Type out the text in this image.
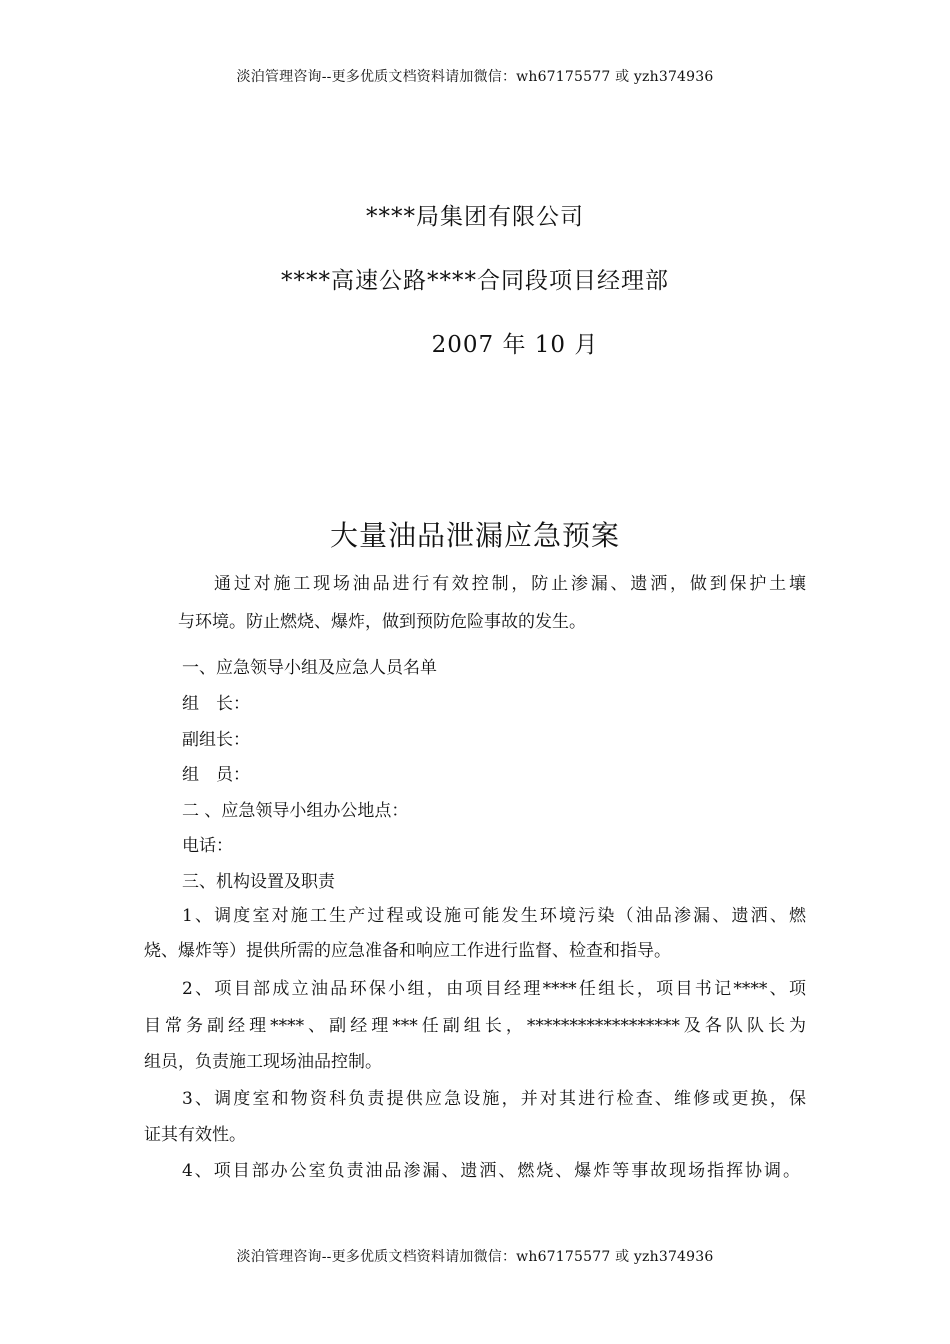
淡泊管理咨询--更多优质文档资料请加微信：wh67175577 或 yzh374936
****局集团有限公司
****高速公路****合同段项目经理部
2007 年 10 月
大量油品泄漏应急预案
通过对施工现场油品进行有效控制，防止渗漏、遗洒，做到保护土壤
与环境。防止燃烧、爆炸，做到预防危险事故的发生。
一、应急领导小组及应急人员名单
组　长：
副组长：
组　员：
二 、应急领导小组办公地点：
电话：
三、机构设置及职责
1、调度室对施工生产过程或设施可能发生环境污染（油品渗漏、遗洒、燃
烧、爆炸等）提供所需的应急准备和响应工作进行监督、检查和指导。
2、项目部成立油品环保小组，由项目经理****任组长，项目书记****、项
目常务副经理****、副经理***任副组长，******************及各队队长为
组员，负责施工现场油品控制。
3、调度室和物资科负责提供应急设施，并对其进行检查、维修或更换，保
证其有效性。
4、项目部办公室负责油品渗漏、遗洒、燃烧、爆炸等事故现场指挥协调。
淡泊管理咨询--更多优质文档资料请加微信：wh67175577 或 yzh374936
